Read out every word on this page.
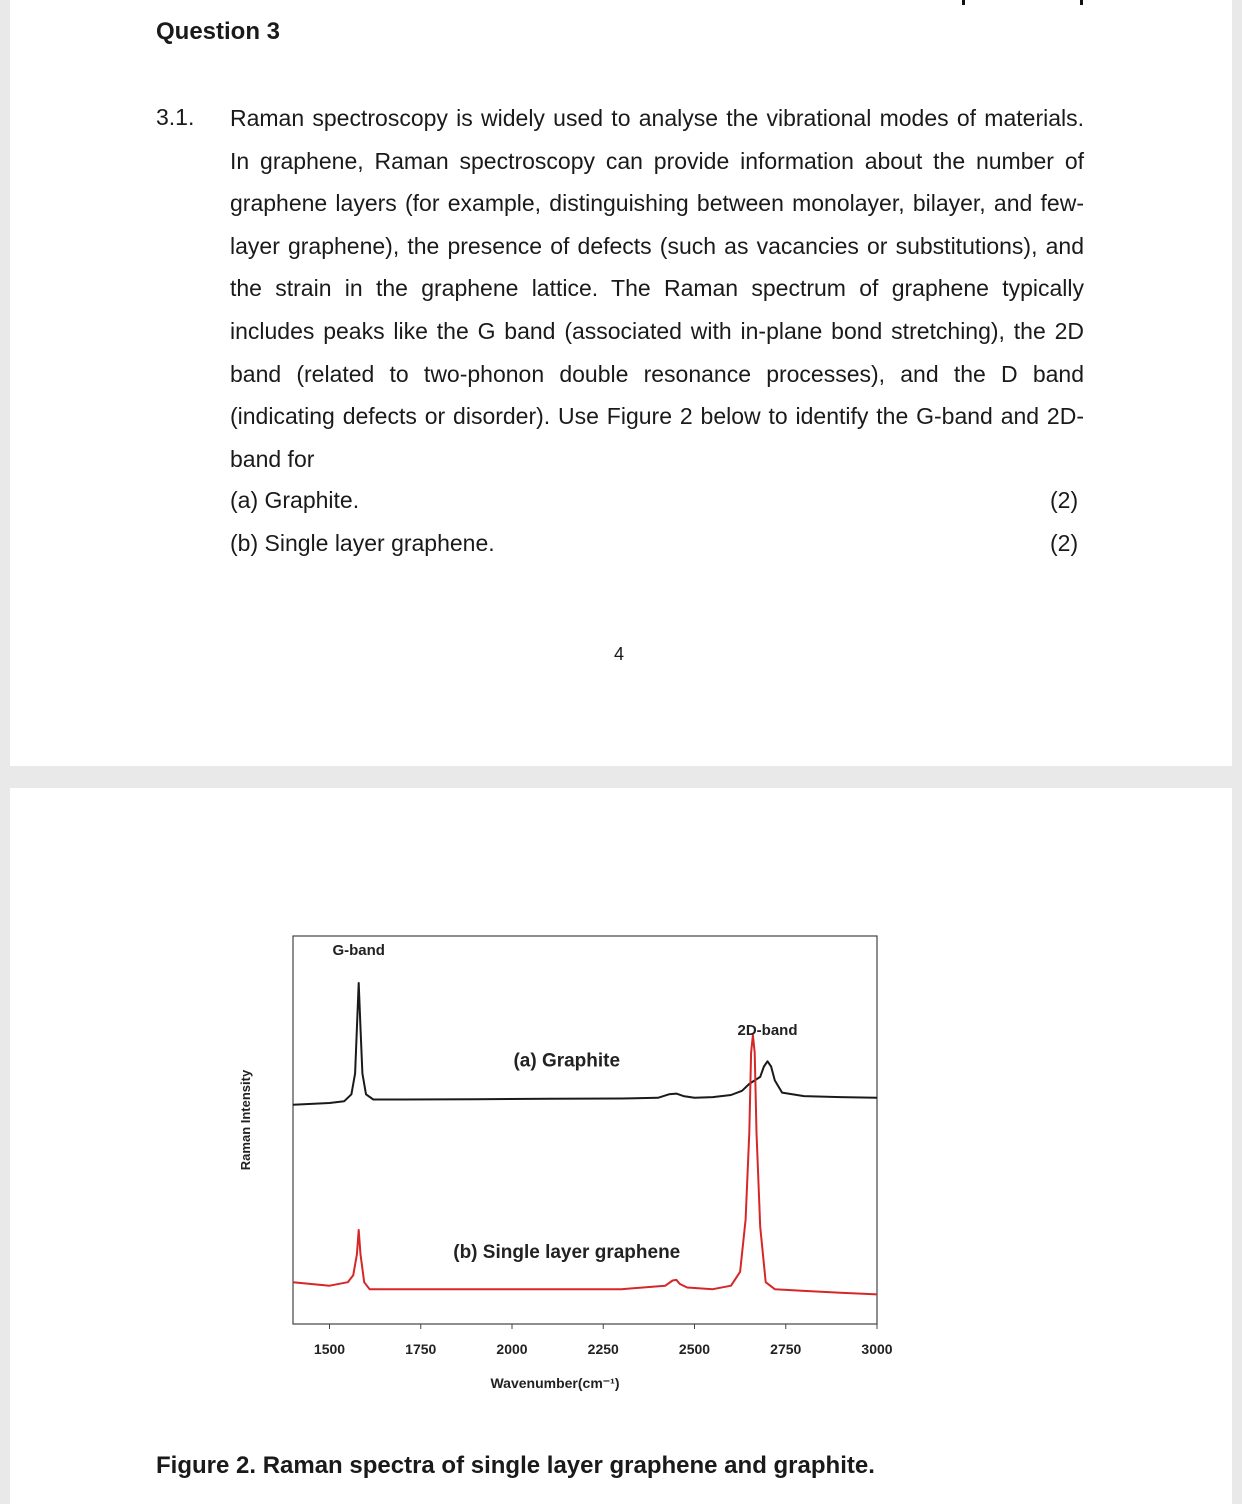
Question 3
3.1. Raman spectroscopy is widely used to analyse the vibrational modes of materials. In graphene, Raman spectroscopy can provide information about the number of graphene layers (for example, distinguishing between monolayer, bilayer, and few-layer graphene), the presence of defects (such as vacancies or substitutions), and the strain in the graphene lattice. The Raman spectrum of graphene typically includes peaks like the G band (associated with in-plane bond stretching), the 2D band (related to two-phonon double resonance processes), and the D band (indicating defects or disorder). Use Figure 2 below to identify the G-band and 2D- band for

(a) Graphite.	(2)
(b) Single layer graphene.	(2)
4
1500	1750	2000	2250	2500	2750	3000
Wavenumber(cm⁻¹)
Raman Intensity
G-band
2D-band
(a) Graphite
(b) Single layer graphene

Figure 2. Raman spectra of single layer graphene and graphite.
